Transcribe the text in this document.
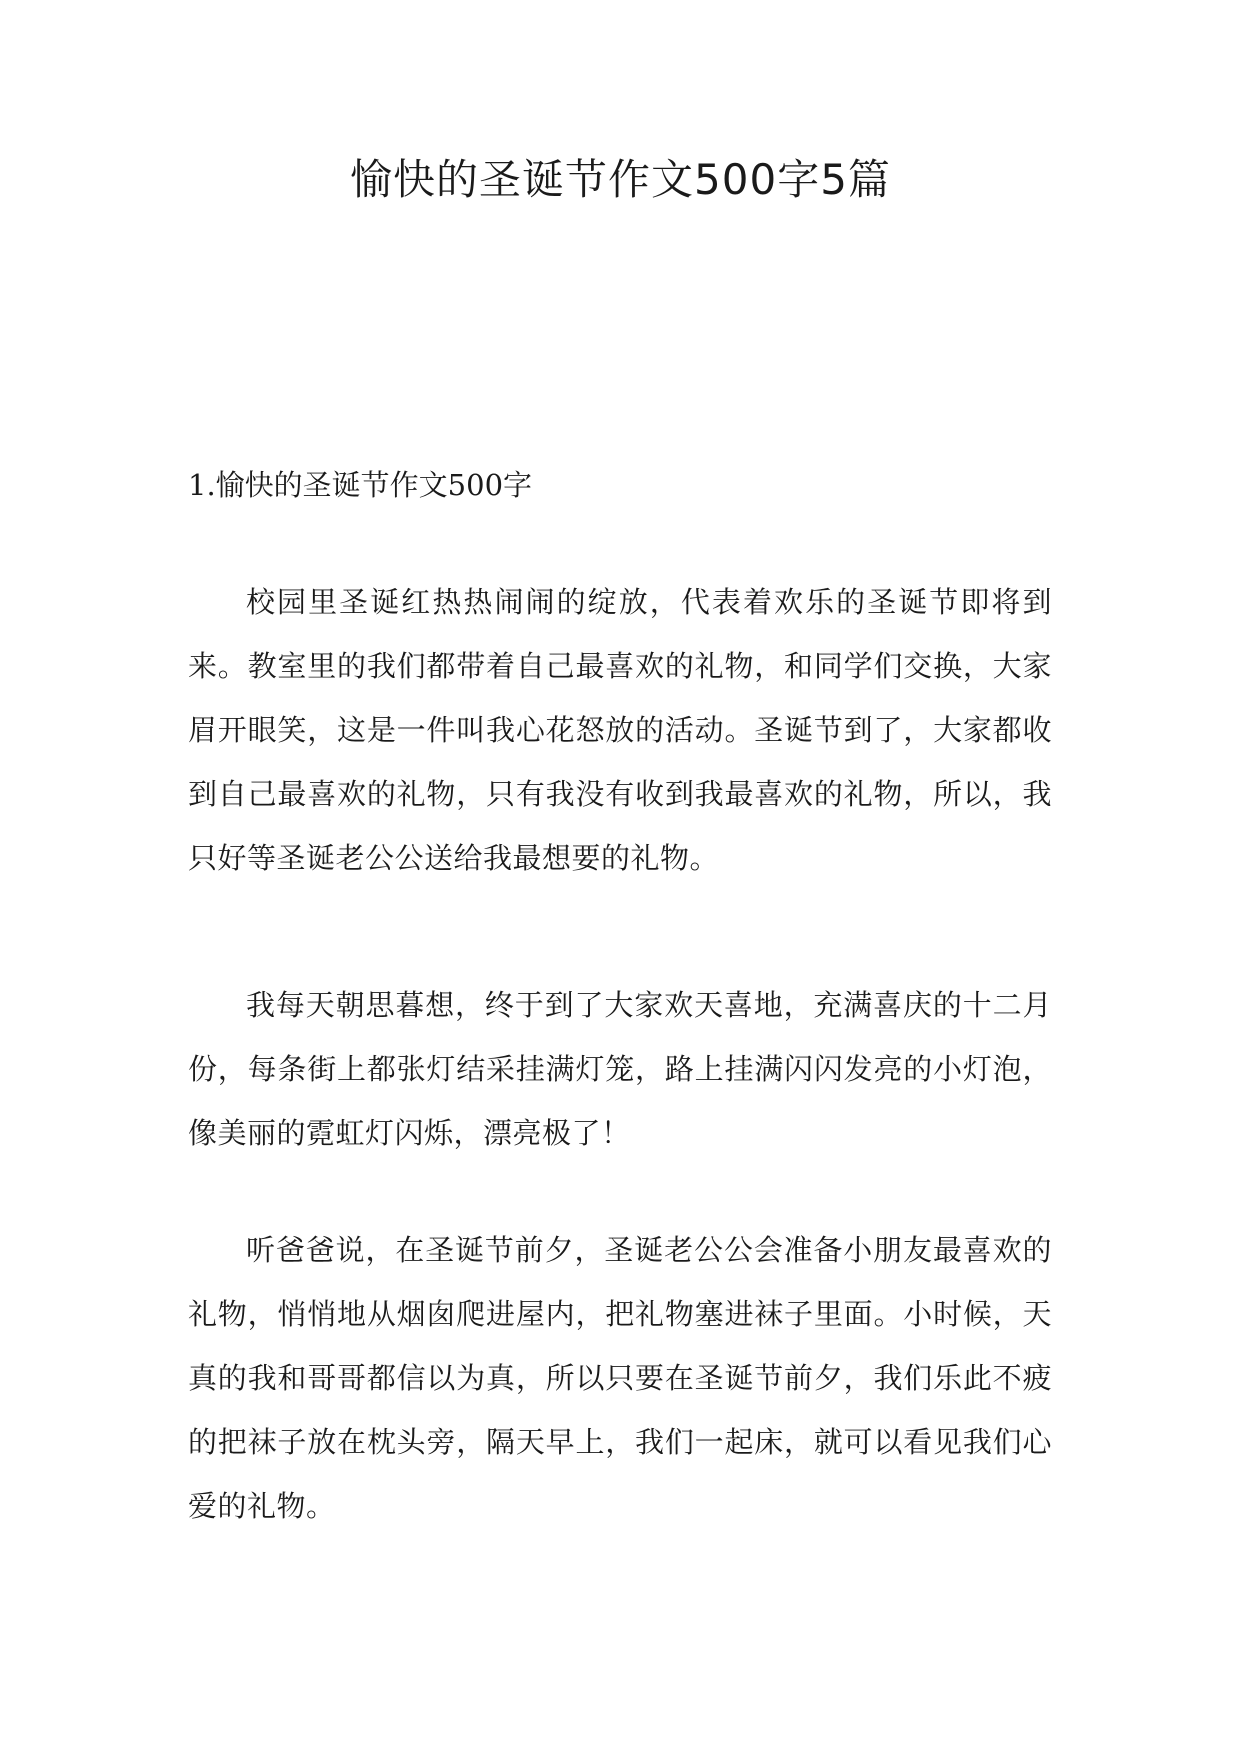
愉快的圣诞节作文500字5篇
1.愉快的圣诞节作文500字

校园里圣诞红热热闹闹的绽放，代表着欢乐的圣诞节即将到来。教室里的我们都带着自己最喜欢的礼物，和同学们交换，大家眉开眼笑，这是一件叫我心花怒放的活动。圣诞节到了，大家都收到自己最喜欢的礼物，只有我没有收到我最喜欢的礼物，所以，我只好等圣诞老公公送给我最想要的礼物。

我每天朝思暮想，终于到了大家欢天喜地，充满喜庆的十二月份，每条街上都张灯结采挂满灯笼，路上挂满闪闪发亮的小灯泡，像美丽的霓虹灯闪烁，漂亮极了！

听爸爸说，在圣诞节前夕，圣诞老公公会准备小朋友最喜欢的礼物，悄悄地从烟囱爬进屋内，把礼物塞进袜子里面。小时候，天真的我和哥哥都信以为真，所以只要在圣诞节前夕，我们乐此不疲的把袜子放在枕头旁，隔天早上，我们一起床，就可以看见我们心爱的礼物。
